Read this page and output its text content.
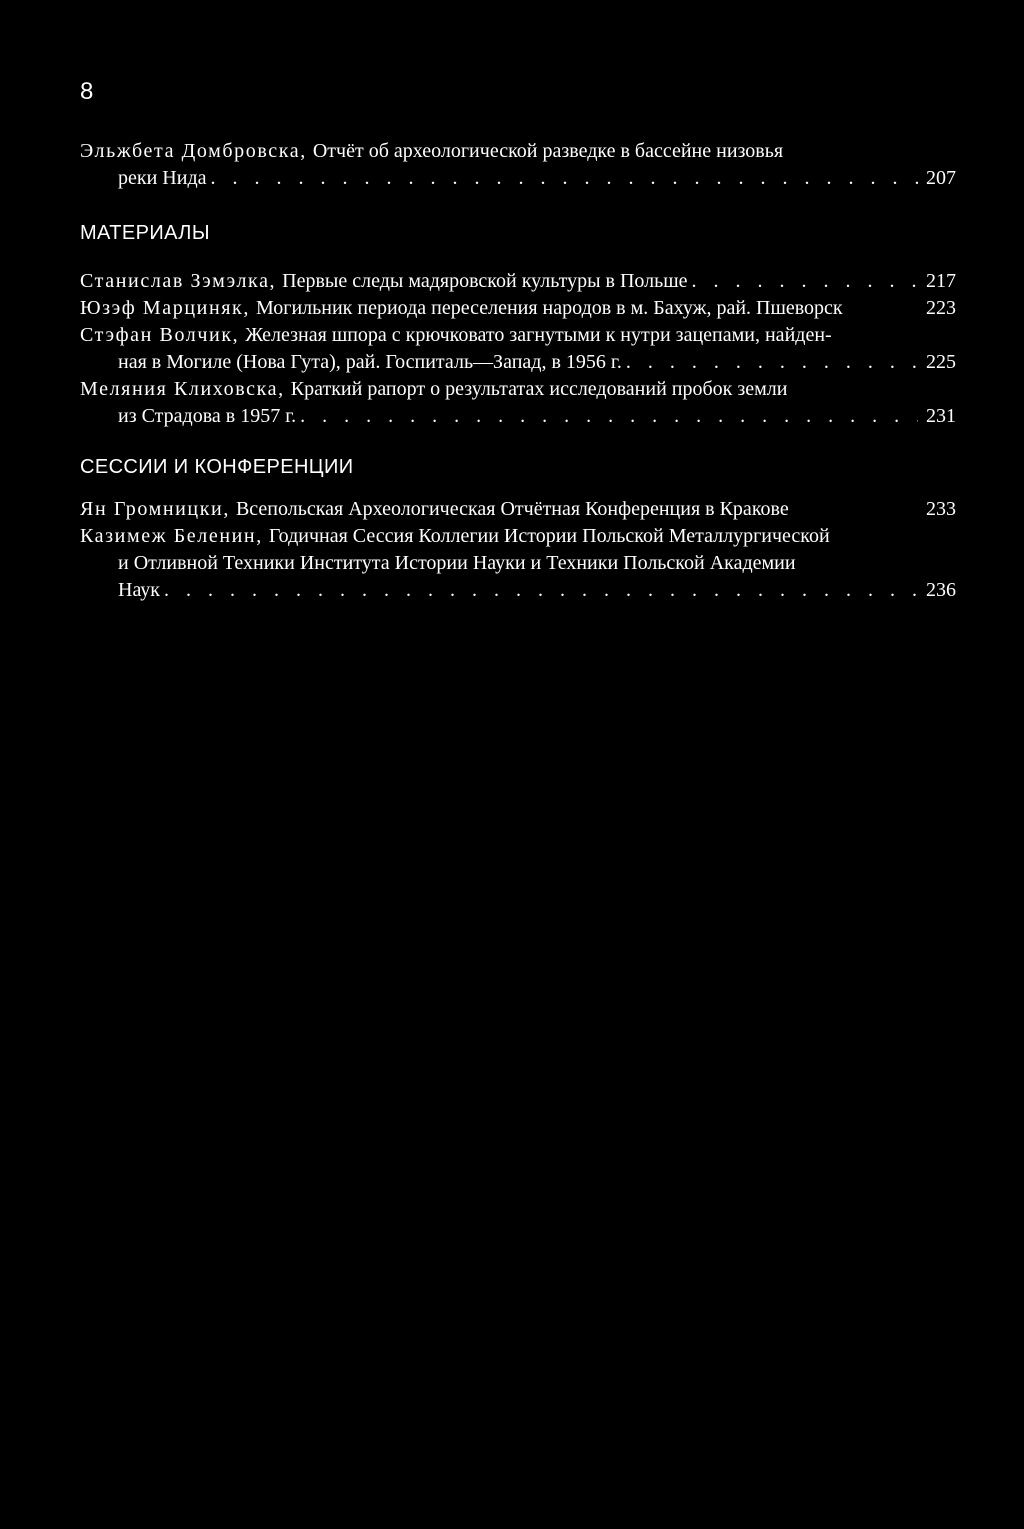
8
Эльжбета Домбровска, Отчёт об археологической разведке в бассейне низовья
реки Нида . . .	207
МАТЕРИАЛЫ
Станислав Зэмэлка, Первые следы мадяровской культуры в Польше . . .	217
Юзэф Марциняк, Могильник периода переселения народов в м. Бахуж, рай. Пшеворск	223
Стэфан Волчик, Железная шпора с крючковато загнутыми к нутри зацепами, найден-
ная в Могиле (Нова Гута), рай. Госпиталь—Запад, в 1956 г. . . .	225
Меляния Клиховска, Краткий рапорт о результатах исследований пробок земли
из Страдова в 1957 г. . . .	231
СЕССИИ И КОНФЕРЕНЦИИ
Ян Громницки, Всепольская Археологическая Отчётная Конференция в Кракове	233
Казимеж Беленин, Годичная Сессия Коллегии Истории Польской Металлургической
и Отливной Техники Института Истории Науки и Техники Польской Академии
Наук . . .	236
